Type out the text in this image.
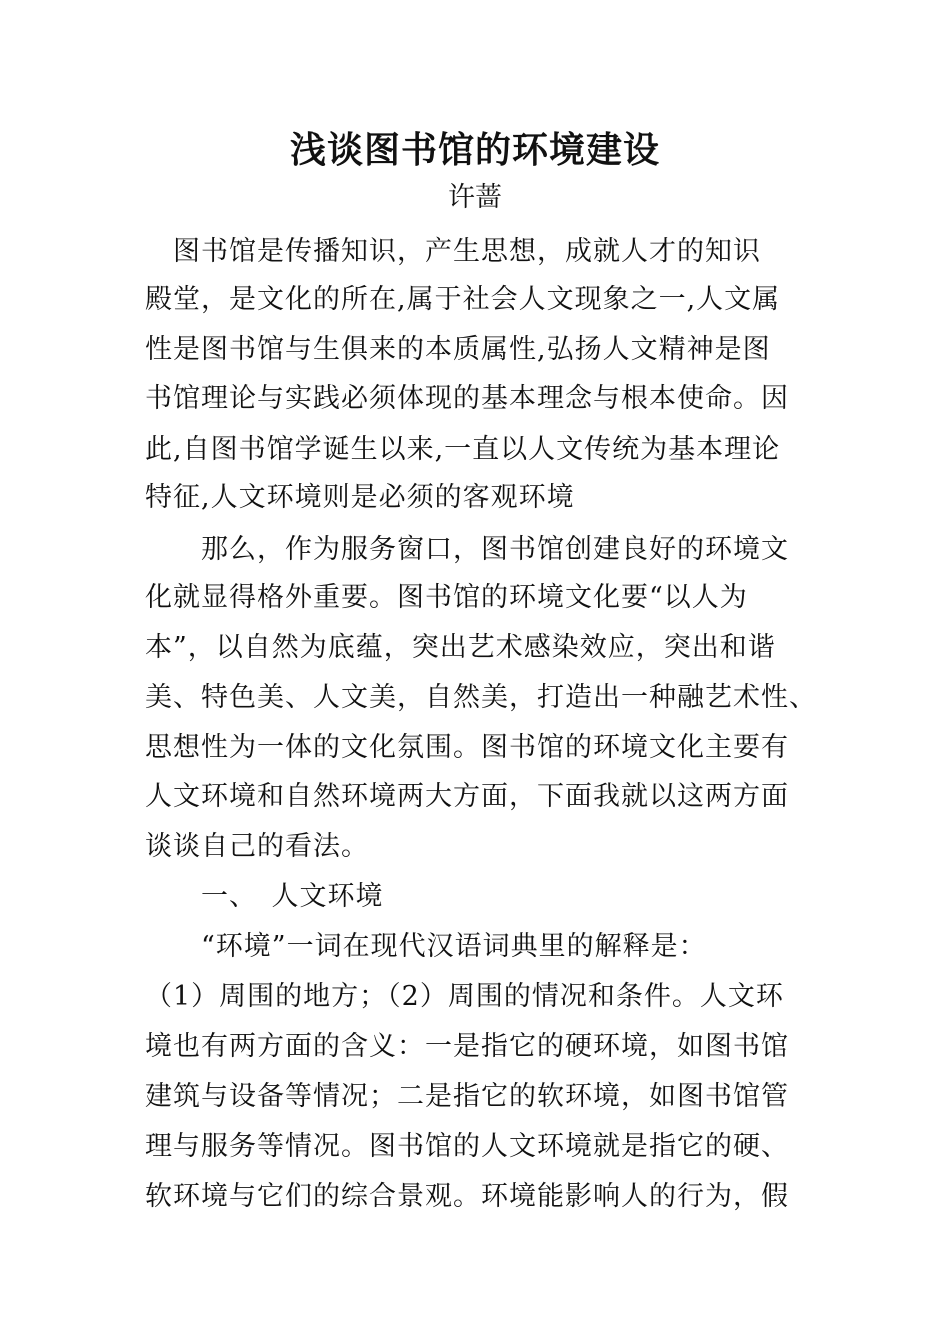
浅谈图书馆的环境建设
许蔷
　图书馆是传播知识，产生思想，成就人才的知识
殿堂，是文化的所在,属于社会人文现象之一,人文属
性是图书馆与生俱来的本质属性,弘扬人文精神是图
书馆理论与实践必须体现的基本理念与根本使命。因
此,自图书馆学诞生以来,一直以人文传统为基本理论
特征,人文环境则是必须的客观环境
　　那么，作为服务窗口，图书馆创建良好的环境文
化就显得格外重要。图书馆的环境文化要“以人为
本”，以自然为底蕴，突出艺术感染效应，突出和谐
美、特色美、人文美，自然美，打造出一种融艺术性、
思想性为一体的文化氛围。图书馆的环境文化主要有
人文环境和自然环境两大方面，下面我就以这两方面
谈谈自己的看法。
　　一、　人文环境
　　“环境”一词在现代汉语词典里的解释是：
（1）周围的地方；（2）周围的情况和条件。人文环
境也有两方面的含义：一是指它的硬环境，如图书馆
建筑与设备等情况；二是指它的软环境，如图书馆管
理与服务等情况。图书馆的人文环境就是指它的硬、
软环境与它们的综合景观。环境能影响人的行为，假
